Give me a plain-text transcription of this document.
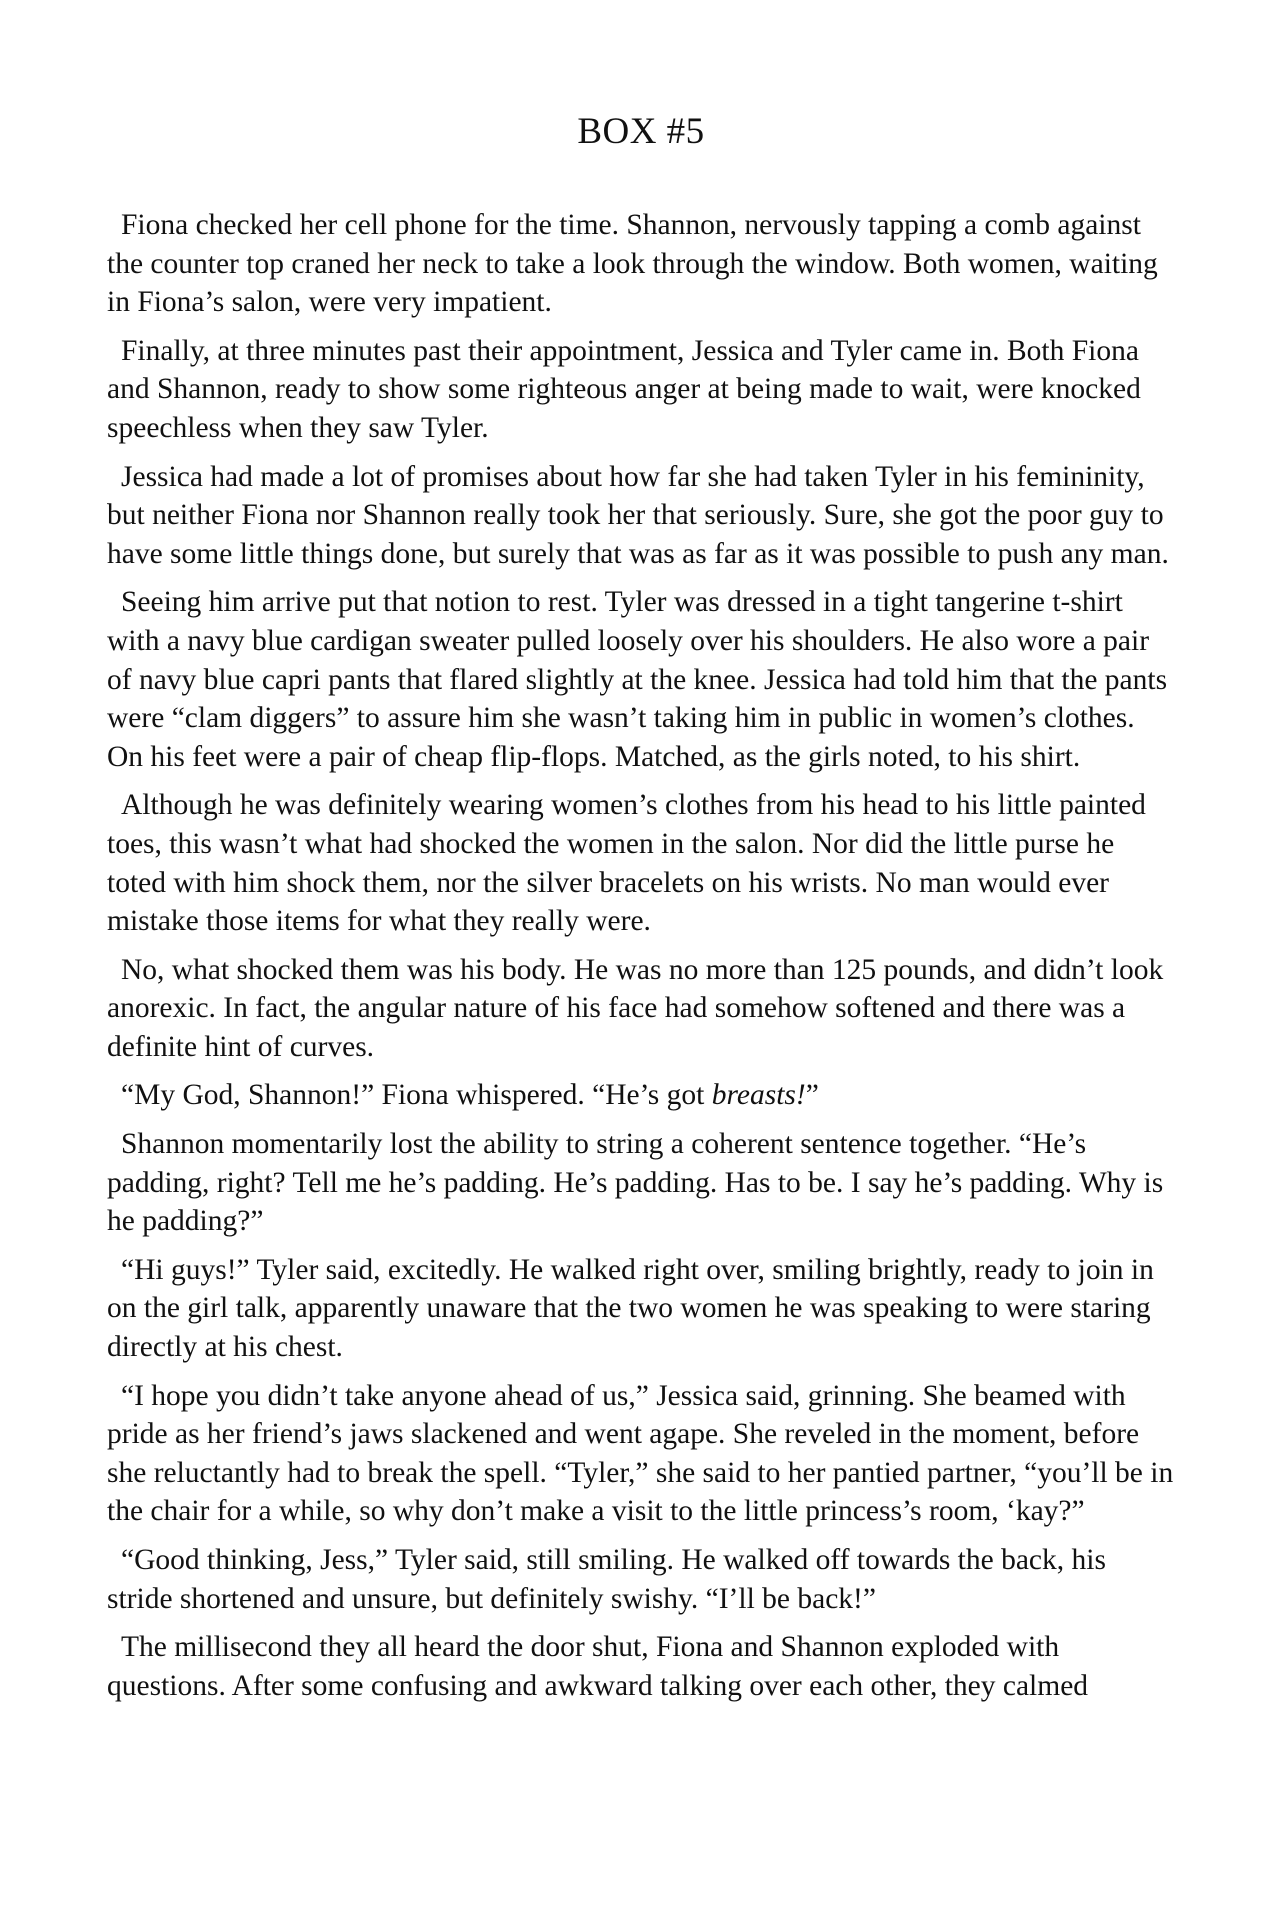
BOX #5

Fiona checked her cell phone for the time. Shannon, nervously tapping a comb against the counter top craned her neck to take a look through the window. Both women, waiting in Fiona’s salon, were very impatient.

Finally, at three minutes past their appointment, Jessica and Tyler came in. Both Fiona and Shannon, ready to show some righteous anger at being made to wait, were knocked speechless when they saw Tyler.

Jessica had made a lot of promises about how far she had taken Tyler in his femininity, but neither Fiona nor Shannon really took her that seriously. Sure, she got the poor guy to have some little things done, but surely that was as far as it was possible to push any man.

Seeing him arrive put that notion to rest. Tyler was dressed in a tight tangerine t-shirt with a navy blue cardigan sweater pulled loosely over his shoulders. He also wore a pair of navy blue capri pants that flared slightly at the knee. Jessica had told him that the pants were “clam diggers” to assure him she wasn’t taking him in public in women’s clothes. On his feet were a pair of cheap flip-flops. Matched, as the girls noted, to his shirt.

Although he was definitely wearing women’s clothes from his head to his little painted toes, this wasn’t what had shocked the women in the salon. Nor did the little purse he toted with him shock them, nor the silver bracelets on his wrists. No man would ever mistake those items for what they really were.

No, what shocked them was his body. He was no more than 125 pounds, and didn’t look anorexic. In fact, the angular nature of his face had somehow softened and there was a definite hint of curves.

“My God, Shannon!” Fiona whispered. “He’s got breasts!”

Shannon momentarily lost the ability to string a coherent sentence together. “He’s padding, right? Tell me he’s padding. He’s padding. Has to be. I say he’s padding. Why is he padding?”

“Hi guys!” Tyler said, excitedly. He walked right over, smiling brightly, ready to join in on the girl talk, apparently unaware that the two women he was speaking to were staring directly at his chest.

“I hope you didn’t take anyone ahead of us,” Jessica said, grinning. She beamed with pride as her friend’s jaws slackened and went agape. She reveled in the moment, before she reluctantly had to break the spell. “Tyler,” she said to her pantied partner, “you’ll be in the chair for a while, so why don’t make a visit to the little princess’s room, ‘kay?”

“Good thinking, Jess,” Tyler said, still smiling. He walked off towards the back, his stride shortened and unsure, but definitely swishy. “I’ll be back!”

The millisecond they all heard the door shut, Fiona and Shannon exploded with questions. After some confusing and awkward talking over each other, they calmed
